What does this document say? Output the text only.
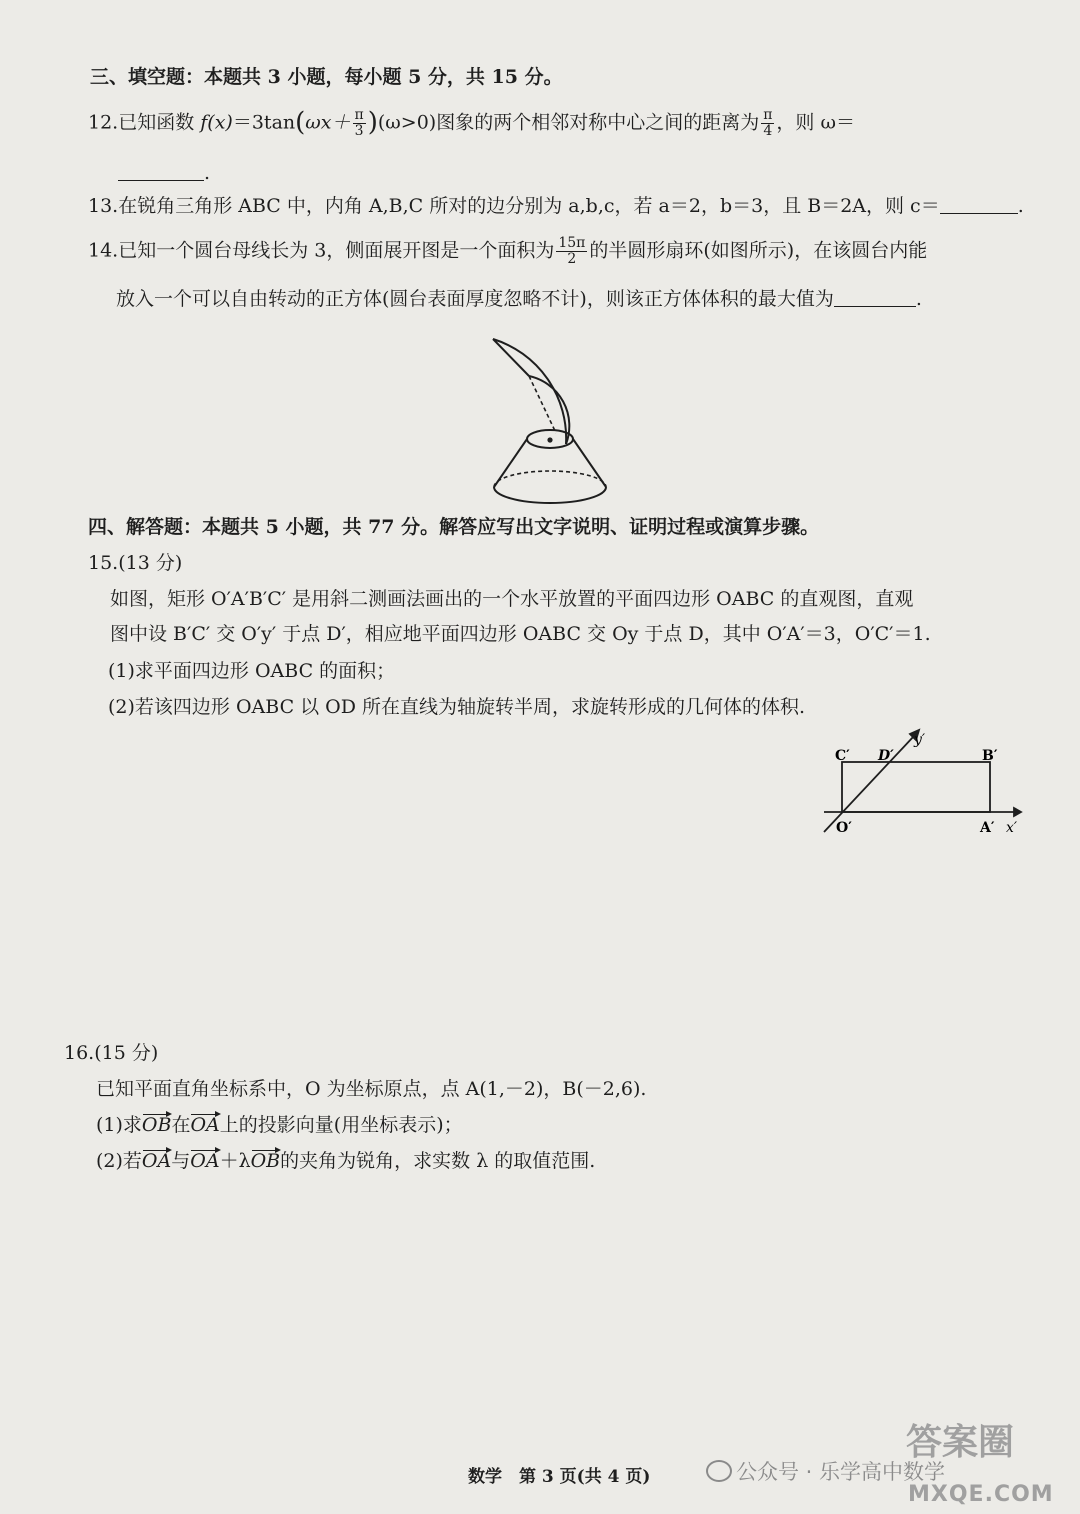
三、填空题：本题共 3 小题，每小题 5 分，共 15 分。
12.已知函数 $f(x)=3\tan(\omega x+ \frac{\pi}{3} )(\omega>0)$图象的两个相邻对称中心之间的距离为 $\frac{\pi}{4}$ ，则 ω＝
.
13.在锐角三角形 ABC 中，内角 A,B,C 所对的边分别为 a,b,c，若 a＝2，b＝3，且 B＝2A，则 c＝	.
14.已知一个圆台母线长为 3，侧面展开图是一个面积为 $\frac{15\pi}{2}$ 的半圆形扇环(如图所示)，在该圆台内能
放入一个可以自由转动的正方体(圆台表面厚度忽略不计)，则该正方体体积的最大值为	.
四、解答题：本题共 5 小题，共 77 分。解答应写出文字说明、证明过程或演算步骤。
15.(13 分)
如图，矩形 O′A′B′C′ 是用斜二测画法画出的一个水平放置的平面四边形 OABC 的直观图，直观
图中设 B′C′ 交 O′y′ 于点 D′，相应地平面四边形 OABC 交 Oy 于点 D，其中 O′A′＝3，O′C′＝1.
(1)求平面四边形 OABC 的面积；
(2)若该四边形 OABC 以 OD 所在直线为轴旋转半周，求旋转形成的几何体的体积.
C′ D′
y′
B′
O′	A′ x′
16.(15 分)
已知平面直角坐标系中，O 为坐标原点，点 A(1,－2)，B(－2,6).
(1)求OB在OA上的投影向量(用坐标表示)；
(2)若OA与OA＋λOB的夹角为锐角，求实数 λ 的取值范围.
数学　第 3 页(共 4 页)	公众号 · 乐学高中数学
答案圈
MXQE.COM
